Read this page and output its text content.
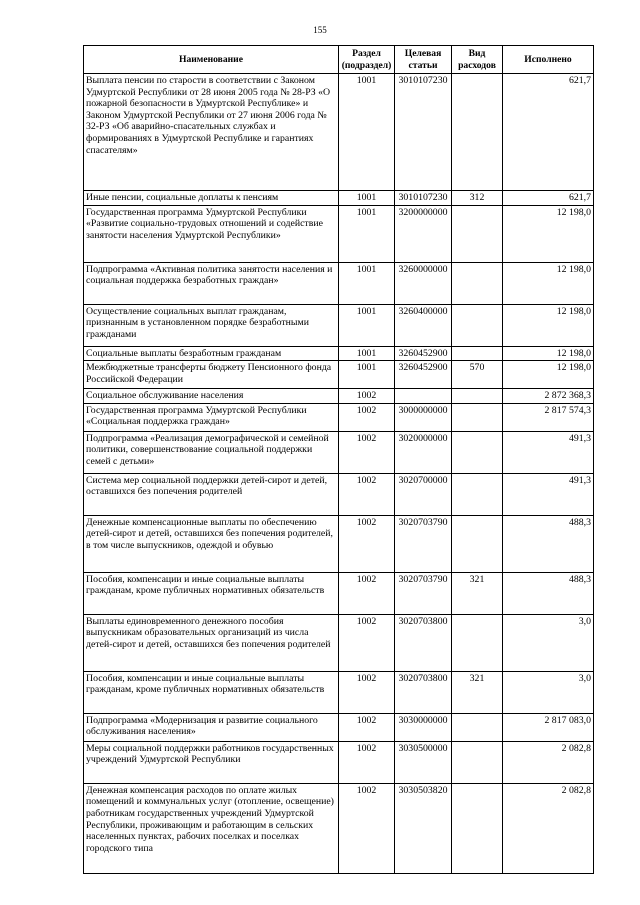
155
Наименование	Раздел (подраздел)	Целевая статьи	Вид расходов	Исполнено
Выплата пенсии по старости в соответствии с Законом Удмуртской Республики от 28 июня 2005 года № 28-РЗ «О пожарной безопасности в Удмуртской Республике» и Законом Удмуртской Республики от 27 июня 2006 года № 32-РЗ «Об аварийно-спасательных службах и формированиях в Удмуртской Республике и гарантиях спасателям»	1001	3010107230		621,7
Иные пенсии, социальные доплаты к пенсиям	1001	3010107230	312	621,7
Государственная программа Удмуртской Республики «Развитие социально-трудовых отношений и содействие занятости населения Удмуртской Республики»	1001	3200000000		12 198,0
Подпрограмма «Активная политика занятости населения и социальная поддержка безработных граждан»	1001	3260000000		12 198,0
Осуществление социальных выплат гражданам, признанным в установленном порядке безработными гражданами	1001	3260400000		12 198,0
Социальные выплаты безработным гражданам	1001	3260452900		12 198,0
Межбюджетные трансферты бюджету Пенсионного фонда Российской Федерации	1001	3260452900	570	12 198,0
Социальное обслуживание населения	1002			2 872 368,3
Государственная программа Удмуртской Республики «Социальная поддержка граждан»	1002	3000000000		2 817 574,3
Подпрограмма «Реализация демографической и семейной политики, совершенствование социальной поддержки семей с детьми»	1002	3020000000		491,3
Система мер социальной поддержки детей-сирот и детей, оставшихся без попечения родителей	1002	3020700000		491,3
Денежные компенсационные выплаты по обеспечению детей-сирот и детей, оставшихся без попечения родителей, в том числе выпускников, одеждой и обувью	1002	3020703790		488,3
Пособия, компенсации и иные социальные выплаты гражданам, кроме публичных нормативных обязательств	1002	3020703790	321	488,3
Выплаты единовременного денежного пособия выпускникам образовательных организаций из числа детей-сирот и детей, оставшихся без попечения родителей	1002	3020703800		3,0
Пособия, компенсации и иные социальные выплаты гражданам, кроме публичных нормативных обязательств	1002	3020703800	321	3,0
Подпрограмма «Модернизация и развитие социального обслуживания населения»	1002	3030000000		2 817 083,0
Меры социальной поддержки работников государственных учреждений Удмуртской Республики	1002	3030500000		2 082,8
Денежная компенсация расходов по оплате жилых помещений и коммунальных услуг (отопление, освещение) работникам государственных учреждений Удмуртской Республики, проживающим и работающим в сельских населенных пунктах, рабочих поселках и поселках городского типа	1002	3030503820		2 082,8
